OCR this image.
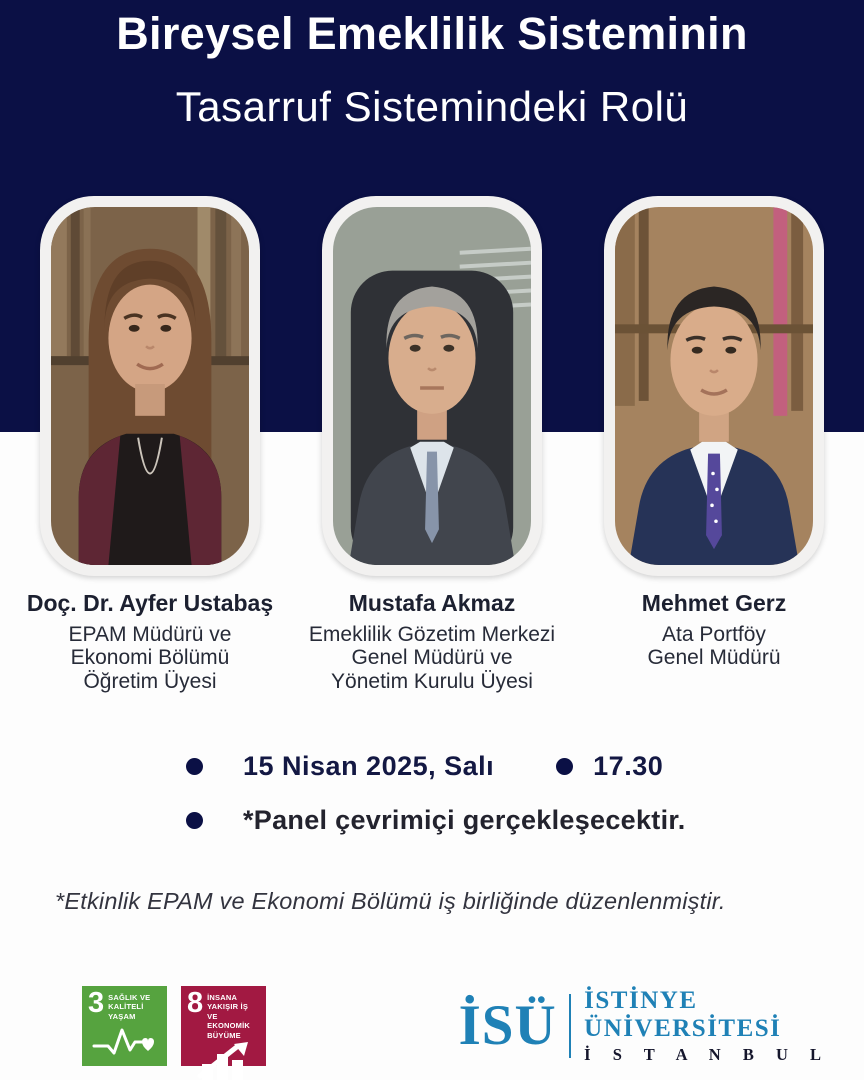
Bireysel Emeklilik Sisteminin
Tasarruf Sistemindeki Rolü
Doç. Dr. Ayfer Ustabaş
EPAM Müdürü ve
Ekonomi Bölümü
Öğretim Üyesi
Mustafa Akmaz
Emeklilik Gözetim Merkezi
Genel Müdürü ve
Yönetim Kurulu Üyesi
Mehmet Gerz
Ata Portföy
Genel Müdürü
15 Nisan 2025, Salı	17.30
*Panel çevrimiçi gerçekleşecektir.

*Etkinlik EPAM ve Ekonomi Bölümü iş birliğinde düzenlenmiştir.

3 SAĞLIK VE
KALİTELİ YAŞAM	8 İNSANA YAKIŞIR İŞ
VE EKONOMİK BÜYÜME	İSÜ İSTİNYE
ÜNİVERSİTESİ
İ S T A N B U L
